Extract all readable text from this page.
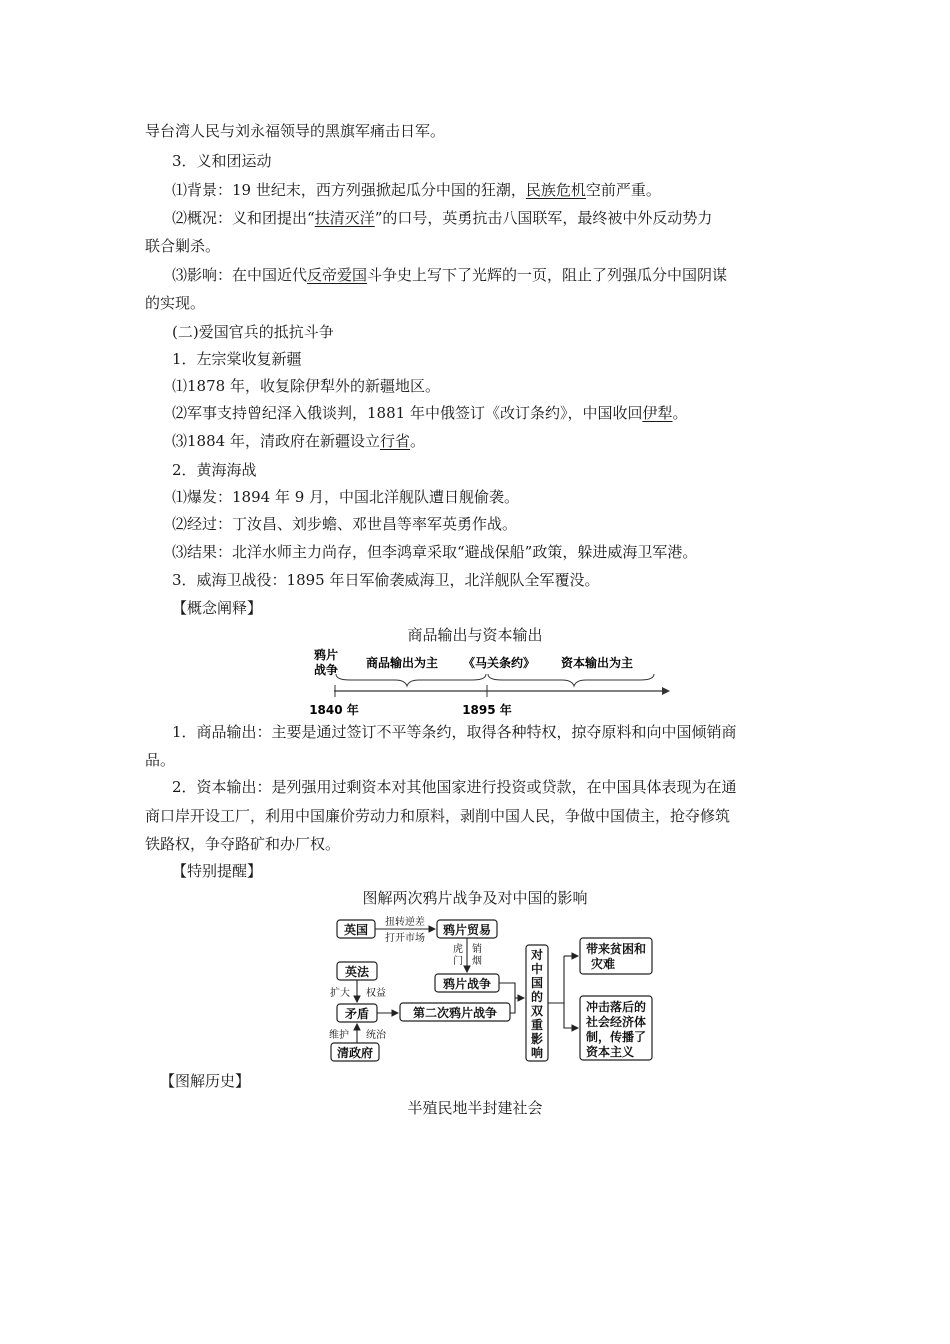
导台湾人民与刘永福领导的黑旗军痛击日军。
3．义和团运动
⑴背景：19 世纪末，西方列强掀起瓜分中国的狂潮，民族危机空前严重。
⑵概况：义和团提出“扶清灭洋”的口号，英勇抗击八国联军，最终被中外反动势力
联合剿杀。
⑶影响：在中国近代反帝爱国斗争史上写下了光辉的一页，阻止了列强瓜分中国阴谋
的实现。
(二)爱国官兵的抵抗斗争
1．左宗棠收复新疆
⑴1878 年，收复除伊犁外的新疆地区。
⑵军事支持曾纪泽入俄谈判，1881 年中俄签订《改订条约》，中国收回伊犁。
⑶1884 年，清政府在新疆设立行省。
2．黄海海战
⑴爆发：1894 年 9 月，中国北洋舰队遭日舰偷袭。
⑵经过：丁汝昌、刘步蟾、邓世昌等率军英勇作战。
⑶结果：北洋水师主力尚存，但李鸿章采取“避战保船”政策，躲进威海卫军港。
3．威海卫战役：1895 年日军偷袭威海卫，北洋舰队全军覆没。
【概念阐释】
商品输出与资本输出
鸦片
战争 商品输出为主 《马关条约》 资本输出为主
1840 年	1895 年
1．商品输出：主要是通过签订不平等条约，取得各种特权，掠夺原料和向中国倾销商
品。
2．资本输出：是列强用过剩资本对其他国家进行投资或贷款，在中国具体表现为在通
商口岸开设工厂，利用中国廉价劳动力和原料，剥削中国人民，争做中国债主，抢夺修筑
铁路权，争夺路矿和办厂权。
【特别提醒】
图解两次鸦片战争及对中国的影响
英国	鸦片贸易
鸦片战争
英法
矛盾
清政府
第二次鸦片战争
带来贫困和
灾难
冲击落后的
社会经济体
制，传播了
资本主义
扭转逆差
打开市场
虎
门
销
烟
扩大 权益
维护 统治
对
中
国
的
双
重
影
响
【图解历史】
半殖民地半封建社会
